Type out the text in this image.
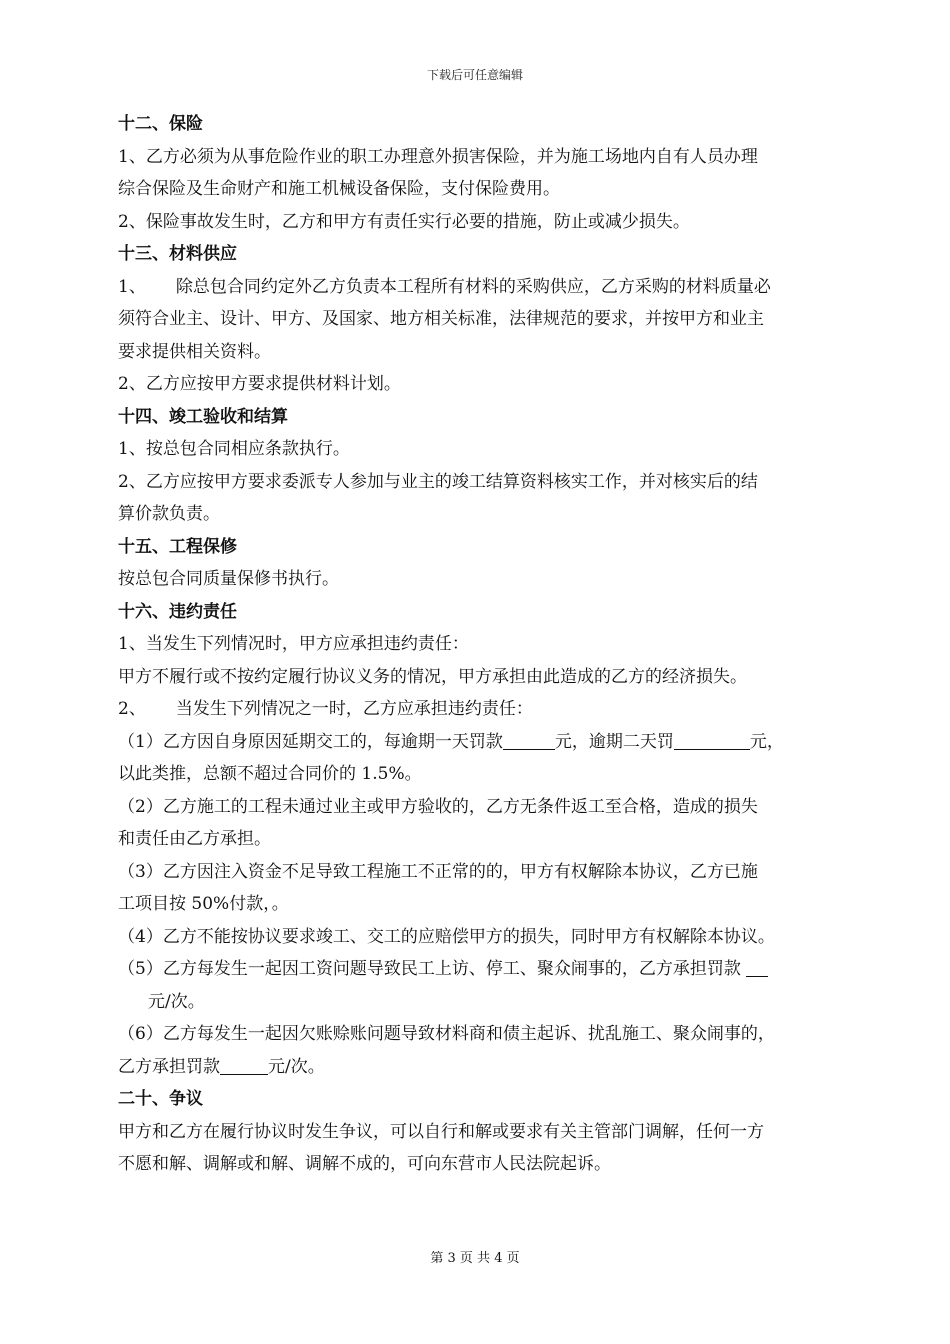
下载后可任意编辑

十二、保险

1、乙方必须为从事危险作业的职工办理意外损害保险，并为施工场地内自有人员办理

综合保险及生命财产和施工机械设备保险，支付保险费用。

2、保险事故发生时，乙方和甲方有责任实行必要的措施，防止或减少损失。

十三、材料供应

1、 除总包合同约定外乙方负责本工程所有材料的采购供应，乙方采购的材料质量必

须符合业主、设计、甲方、及国家、地方相关标准，法律规范的要求，并按甲方和业主

要求提供相关资料。

2、乙方应按甲方要求提供材料计划。

十四、竣工验收和结算

1、按总包合同相应条款执行。

2、乙方应按甲方要求委派专人参加与业主的竣工结算资料核实工作，并对核实后的结

算价款负责。

十五、工程保修

按总包合同质量保修书执行。

十六、违约责任

1、当发生下列情况时，甲方应承担违约责任：

甲方不履行或不按约定履行协议义务的情况，甲方承担由此造成的乙方的经济损失。

2、 当发生下列情况之一时，乙方应承担违约责任：

（1）乙方因自身原因延期交工的，每逾期一天罚款	元，逾期二天罚	元，

以此类推，总额不超过合同价的 1.5%。

（2）乙方施工的工程未通过业主或甲方验收的，乙方无条件返工至合格，造成的损失

和责任由乙方承担。

（3）乙方因注入资金不足导致工程施工不正常的的，甲方有权解除本协议，乙方已施

工项目按 50%付款，。

（4）乙方不能按协议要求竣工、交工的应赔偿甲方的损失，同时甲方有权解除本协议。

（5）乙方每发生一起因工资问题导致民工上访、停工、聚众闹事的，乙方承担罚款

元/次。

（6）乙方每发生一起因欠账赊账问题导致材料商和债主起诉、扰乱施工、聚众闹事的，

乙方承担罚款	元/次。

二十、争议

甲方和乙方在履行协议时发生争议，可以自行和解或要求有关主管部门调解，任何一方

不愿和解、调解或和解、调解不成的，可向东营市人民法院起诉。

第 3 页 共 4 页
